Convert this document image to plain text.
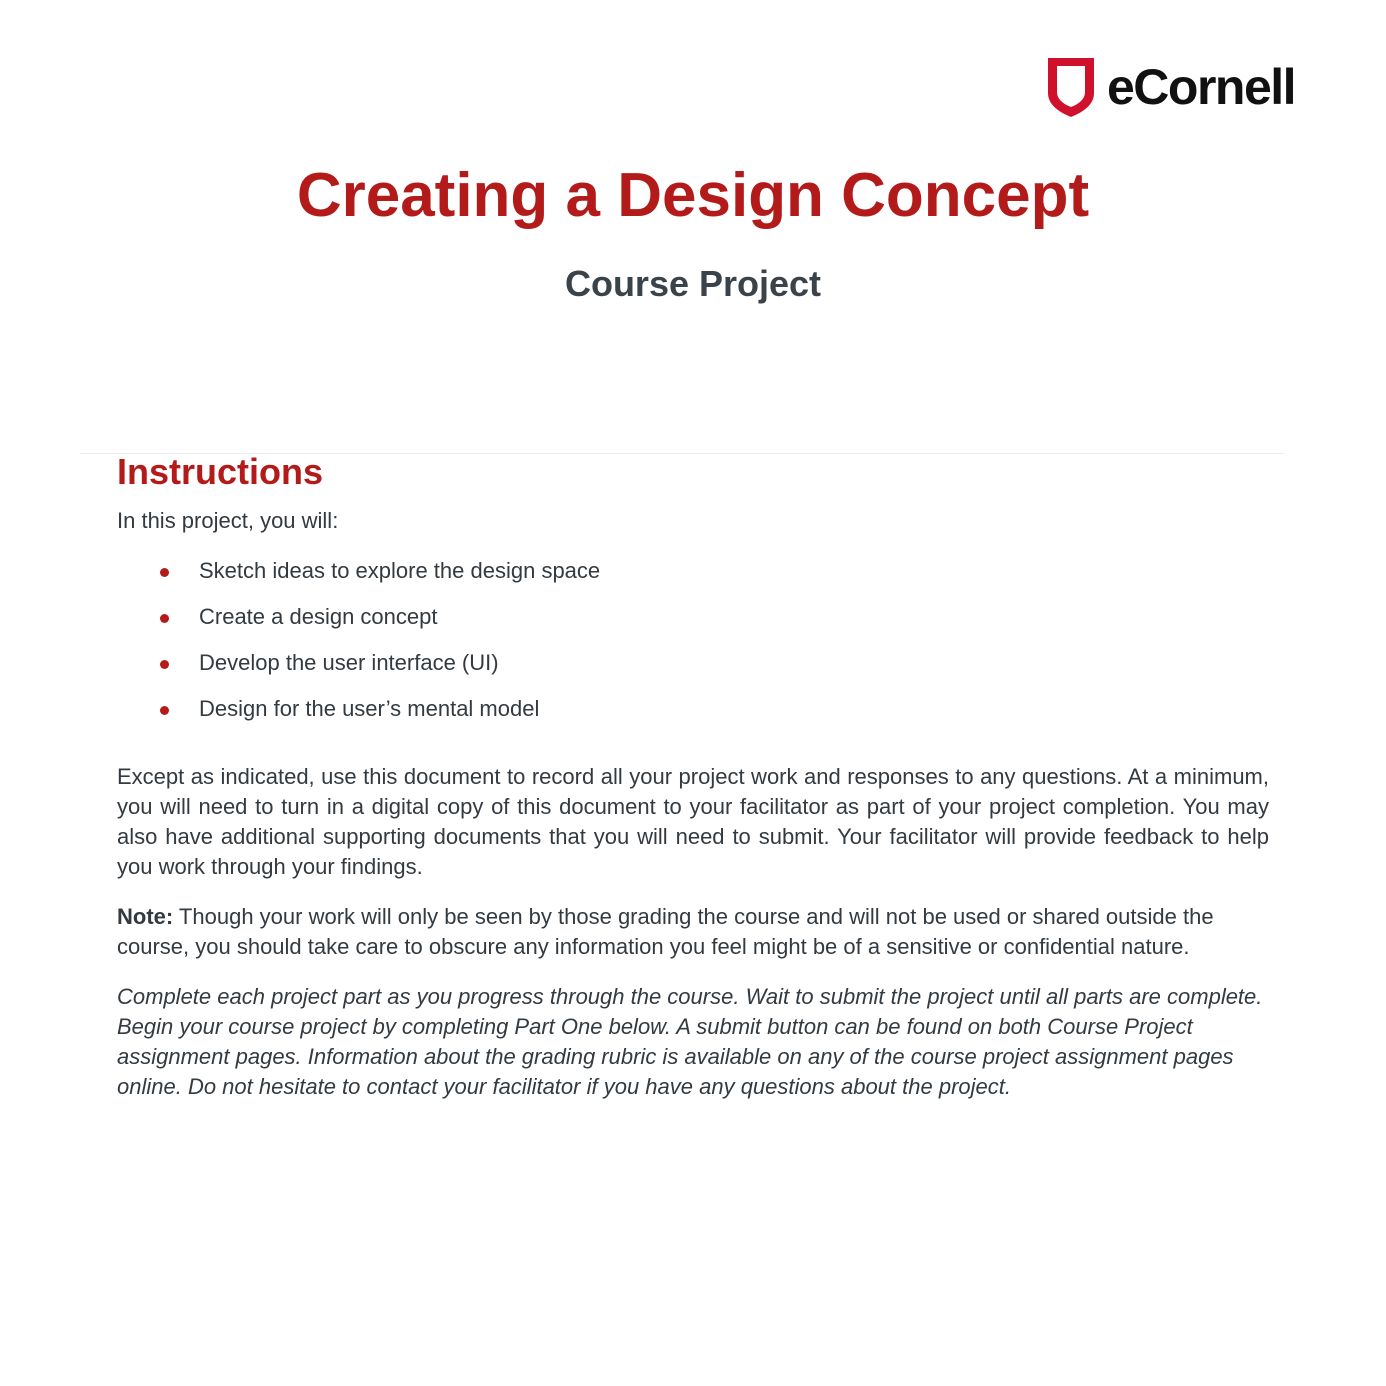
eCornell
Creating a Design Concept
Course Project
Instructions

In this project, you will:

Sketch ideas to explore the design space
Create a design concept
Develop the user interface (UI)
Design for the user’s mental model

Except as indicated, use this document to record all your project work and responses to any questions. At a minimum, you will need to turn in a digital copy of this document to your facilitator as part of your project completion. You may also have additional supporting documents that you will need to submit. Your facilitator will provide feedback to help you work through your findings.

Note: Though your work will only be seen by those grading the course and will not be used or shared outside the course, you should take care to obscure any information you feel might be of a sensitive or confidential nature.

Complete each project part as you progress through the course. Wait to submit the project until all parts are complete. Begin your course project by completing Part One below. A submit button can be found on both Course Project assignment pages. Information about the grading rubric is available on any of the course project assignment pages online. Do not hesitate to contact your facilitator if you have any questions about the project.
